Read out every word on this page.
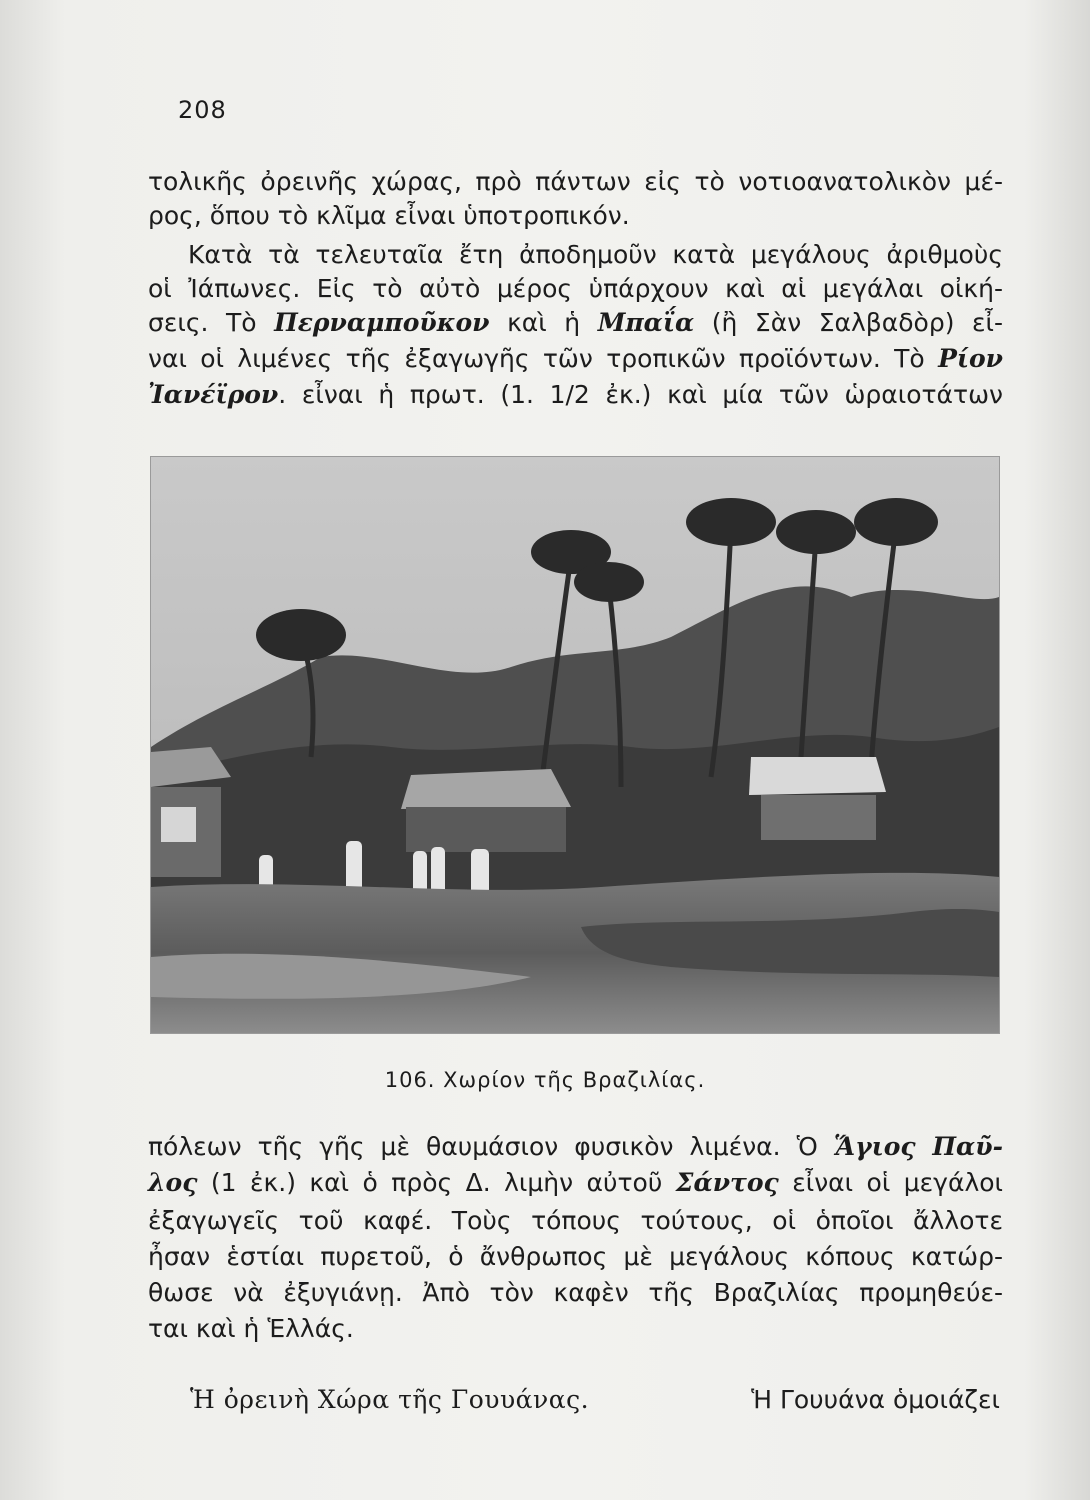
208
τολικῆς ὀρεινῆς χώρας, πρὸ πάντων εἰς τὸ νοτιοανατολικὸν μέ-
ρος, ὅπου τὸ κλῖμα εἶναι ὑποτροπικόν.
Κατὰ τὰ τελευταῖα ἔτη ἀποδημοῦν κατὰ μεγάλους ἀριθμοὺς
οἱ Ἰάπωνες. Εἰς τὸ αὐτὸ μέρος ὑπάρχουν καὶ αἱ μεγάλαι οἰκή-
σεις. Τὸ Περναμποῦκον καὶ ἡ Μπαΐα (ἢ Σὰν Σαλβαδὸρ) εἶ-
ναι οἱ λιμένες τῆς ἐξαγωγῆς τῶν τροπικῶν προϊόντων. Τὸ Ρίον
Ἰανέϊρον. εἶναι ἡ πρωτ. (1. 1/2 ἐκ.) καὶ μία τῶν ὡραιοτάτων
106. Χωρίον τῆς Βραζιλίας.
πόλεων τῆς γῆς μὲ θαυμάσιον φυσικὸν λιμένα. Ὁ Ἅγιος Παῦ-
λος (1 ἐκ.) καὶ ὁ πρὸς Δ. λιμὴν αὐτοῦ Σάντος εἶναι οἱ μεγάλοι
ἐξαγωγεῖς τοῦ καφέ. Τοὺς τόπους τούτους, οἱ ὁποῖοι ἄλλοτε
ἦσαν ἑστίαι πυρετοῦ, ὁ ἄνθρωπος μὲ μεγάλους κόπους κατώρ-
θωσε νὰ ἐξυγιάνῃ. Ἀπὸ τὸν καφὲν τῆς Βραζιλίας προμηθεύε-
ται καὶ ἡ Ἑλλάς.
Ἡ ὀρεινὴ Χώρα τῆς Γουυάνας.	Ἡ Γουυάνα ὁμοιάζει
